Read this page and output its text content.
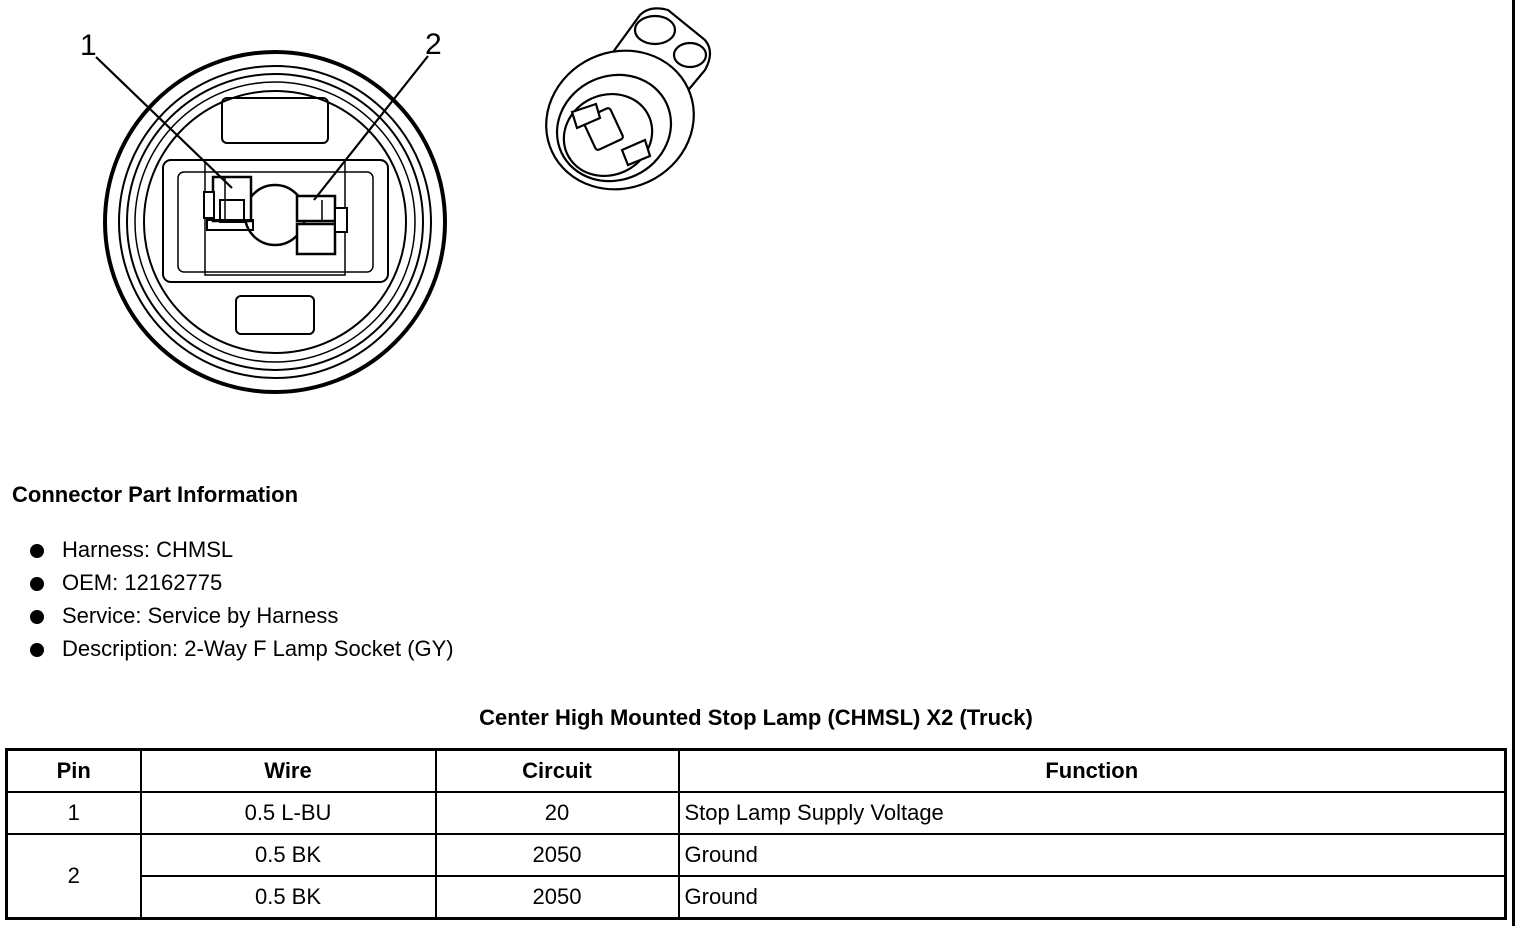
1	2
Connector Part Information
Harness: CHMSL
OEM: 12162775
Service: Service by Harness
Description: 2-Way F Lamp Socket (GY)
Center High Mounted Stop Lamp (CHMSL) X2 (Truck)
Pin	Wire	Circuit	Function
1	0.5 L-BU	20	Stop Lamp Supply Voltage
2	0.5 BK	2050	Ground
	0.5 BK	2050	Ground
